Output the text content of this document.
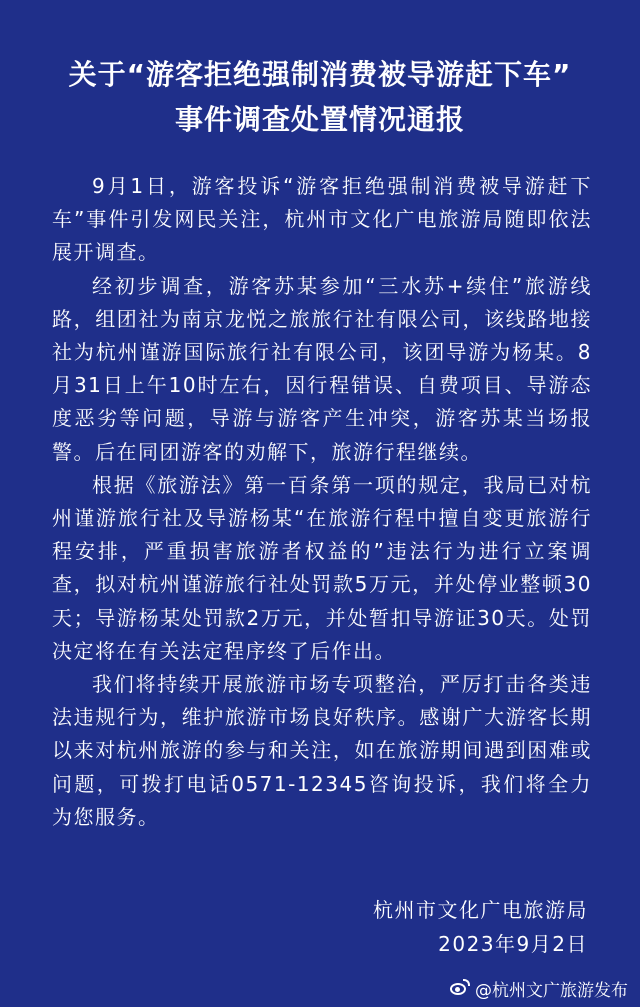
关于“游客拒绝强制消费被导游赶下车”
事件调查处置情况通报

9月1日，游客投诉“游客拒绝强制消费被导游赶下车”事件引发网民关注，杭州市文化广电旅游局随即依法展开调查。

经初步调查，游客苏某参加“三水苏+续住”旅游线路，组团社为南京龙悦之旅旅行社有限公司，该线路地接社为杭州谨游国际旅行社有限公司，该团导游为杨某。8月31日上午10时左右，因行程错误、自费项目、导游态度恶劣等问题，导游与游客产生冲突，游客苏某当场报警。后在同团游客的劝解下，旅游行程继续。

根据《旅游法》第一百条第一项的规定，我局已对杭州谨游旅行社及导游杨某“在旅游行程中擅自变更旅游行程安排，严重损害旅游者权益的”违法行为进行立案调查，拟对杭州谨游旅行社处罚款5万元，并处停业整顿30天；导游杨某处罚款2万元，并处暂扣导游证30天。处罚决定将在有关法定程序终了后作出。

我们将持续开展旅游市场专项整治，严厉打击各类违法违规行为，维护旅游市场良好秩序。感谢广大游客长期以来对杭州旅游的参与和关注，如在旅游期间遇到困难或问题，可拨打电话0571-12345咨询投诉，我们将全力为您服务。

杭州市文化广电旅游局
2023年9月2日
@杭州文广旅游发布
